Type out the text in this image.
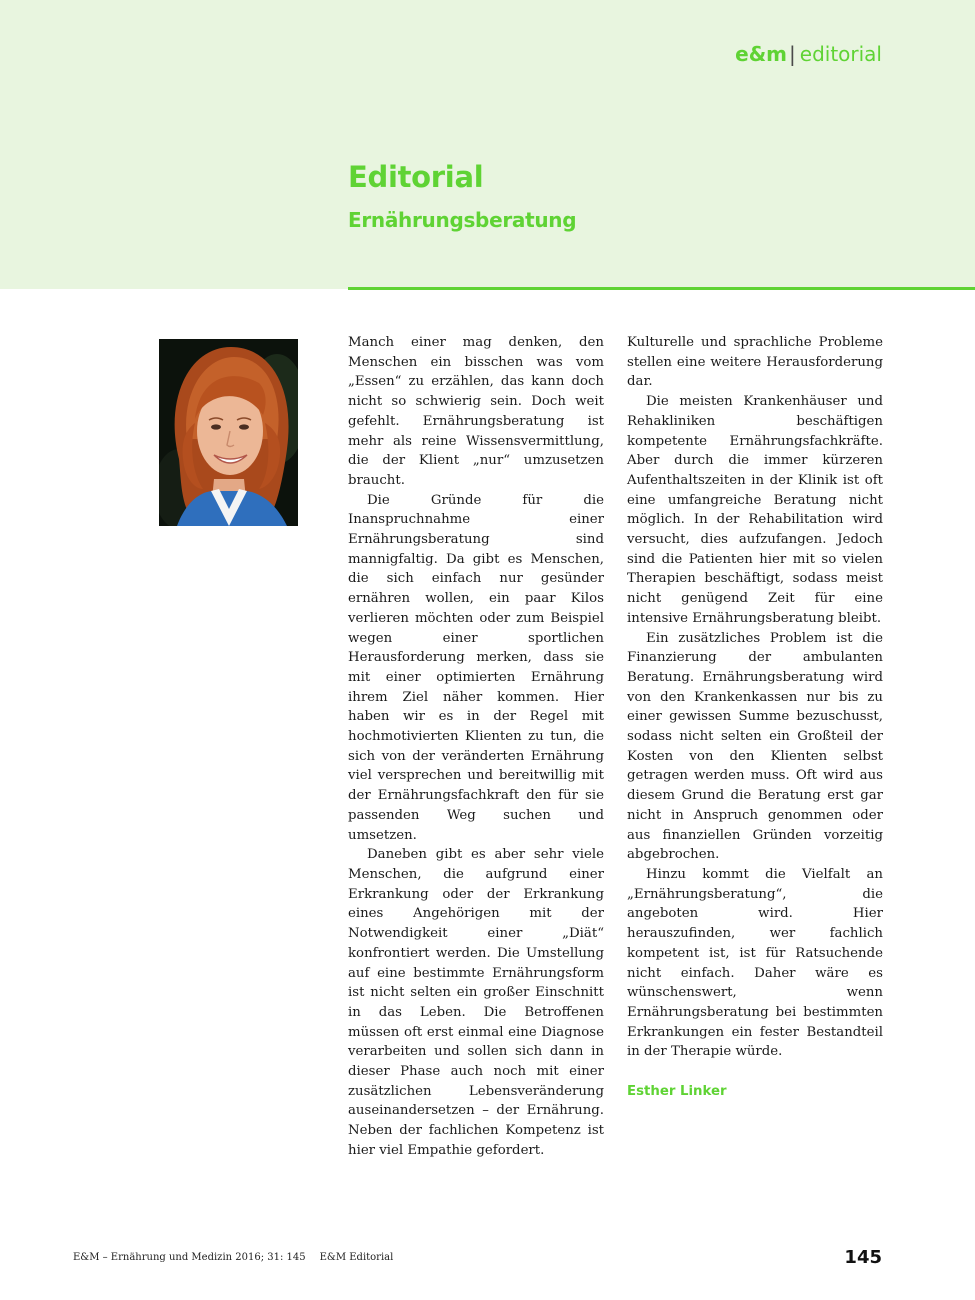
e&m | editorial
Editorial
Ernährungsberatung

Manch einer mag denken, den Menschen ein bisschen was vom „Essen“ zu erzählen, das kann doch nicht so schwierig sein. Doch weit gefehlt. Ernährungsberatung ist mehr als reine Wissensvermittlung, die der Klient „nur“ umzusetzen braucht.

Die Gründe für die Inanspruchnahme einer Ernährungsberatung sind mannigfaltig. Da gibt es Menschen, die sich einfach nur gesünder ernähren wollen, ein paar Kilos verlieren möchten oder zum Beispiel wegen einer sportlichen Herausforderung merken, dass sie mit einer optimierten Ernährung ihrem Ziel näher kommen. Hier haben wir es in der Regel mit hochmotivierten Klienten zu tun, die sich von der veränderten Ernährung viel versprechen und bereitwillig mit der Ernährungsfachkraft den für sie passenden Weg suchen und umsetzen.

Daneben gibt es aber sehr viele Menschen, die aufgrund einer Erkrankung oder der Erkrankung eines Angehörigen mit der Notwendigkeit einer „Diät“ konfrontiert werden. Die Umstellung auf eine bestimmte Ernährungsform ist nicht selten ein großer Einschnitt in das Leben. Die Betroffenen müssen oft erst einmal eine Diagnose verarbeiten und sollen sich dann in dieser Phase auch noch mit einer zusätzlichen Lebensveränderung auseinandersetzen – der Ernährung. Neben der fachlichen Kompetenz ist hier viel Empathie gefordert.

Kulturelle und sprachliche Probleme stellen eine weitere Herausforderung dar.

Die meisten Krankenhäuser und Rehakliniken beschäftigen kompetente Ernährungsfachkräfte. Aber durch die immer kürzeren Aufenthaltszeiten in der Klinik ist oft eine umfangreiche Beratung nicht möglich. In der Rehabilitation wird versucht, dies aufzufangen. Jedoch sind die Patienten hier mit so vielen Therapien beschäftigt, sodass meist nicht genügend Zeit für eine intensive Ernährungsberatung bleibt.

Ein zusätzliches Problem ist die Finanzierung der ambulanten Beratung. Ernährungsberatung wird von den Krankenkassen nur bis zu einer gewissen Summe bezuschusst, sodass nicht selten ein Großteil der Kosten von den Klienten selbst getragen werden muss. Oft wird aus diesem Grund die Beratung erst gar nicht in Anspruch genommen oder aus finanziellen Gründen vorzeitig abgebrochen.

Hinzu kommt die Vielfalt an „Ernährungsberatung“, die angeboten wird. Hier herauszufinden, wer fachlich kompetent ist, ist für Ratsuchende nicht einfach. Daher wäre es wünschenswert, wenn Ernährungsberatung bei bestimmten Erkrankungen ein fester Bestandteil in der Therapie würde.

Esther Linker

E&M – Ernährung und Medizin 2016; 31: 145 E&M Editorial	145
